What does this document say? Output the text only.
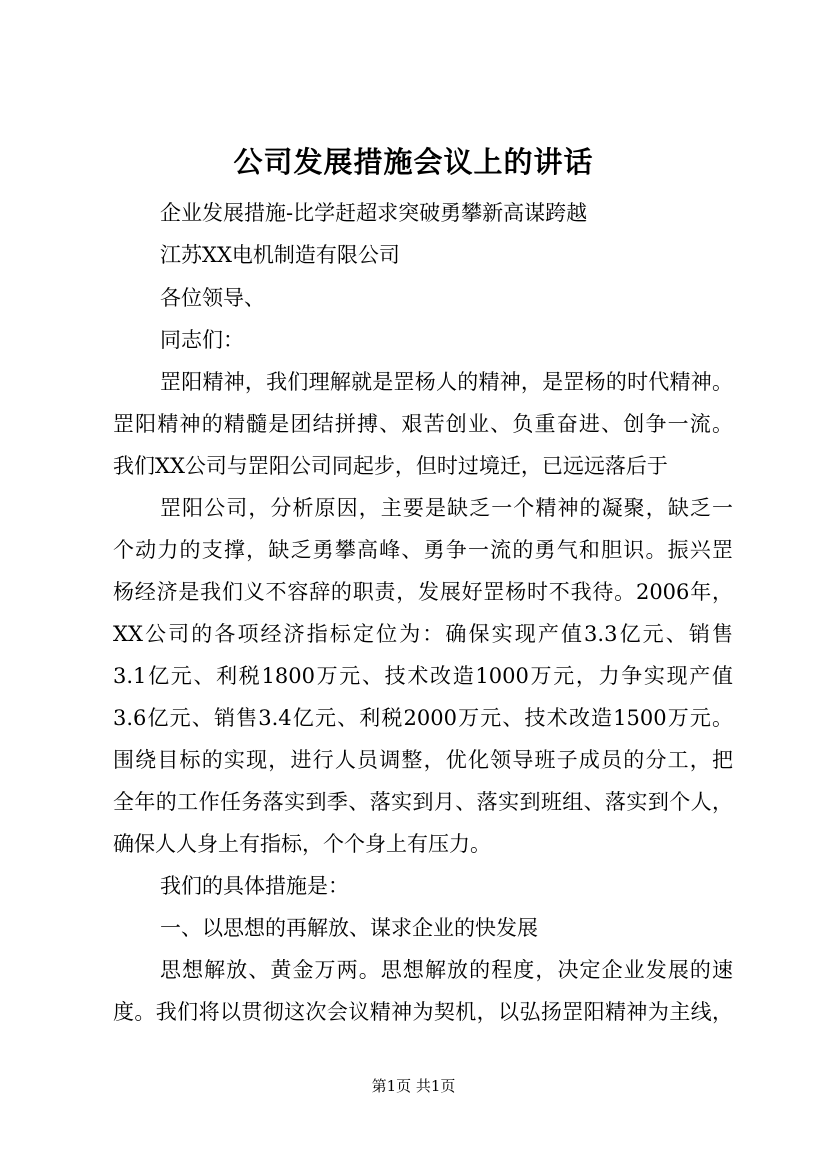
公司发展措施会议上的讲话
企业发展措施-比学赶超求突破勇攀新高谋跨越
江苏XX电机制造有限公司
各位领导、
同志们：
罡阳精神，我们理解就是罡杨人的精神，是罡杨的时代精神。
罡阳精神的精髓是团结拼搏、艰苦创业、负重奋进、创争一流。
我们XX公司与罡阳公司同起步，但时过境迁，已远远落后于
罡阳公司，分析原因，主要是缺乏一个精神的凝聚，缺乏一
个动力的支撑，缺乏勇攀高峰、勇争一流的勇气和胆识。振兴罡
杨经济是我们义不容辞的职责，发展好罡杨时不我待。2006年，
XX公司的各项经济指标定位为：确保实现产值3.3亿元、销售
3.1亿元、利税1800万元、技术改造1000万元，力争实现产值
3.6亿元、销售3.4亿元、利税2000万元、技术改造1500万元。
围绕目标的实现，进行人员调整，优化领导班子成员的分工，把
全年的工作任务落实到季、落实到月、落实到班组、落实到个人，
确保人人身上有指标，个个身上有压力。
我们的具体措施是：
一、以思想的再解放、谋求企业的快发展
思想解放、黄金万两。思想解放的程度，决定企业发展的速
度。我们将以贯彻这次会议精神为契机，以弘扬罡阳精神为主线，
第1页 共1页
